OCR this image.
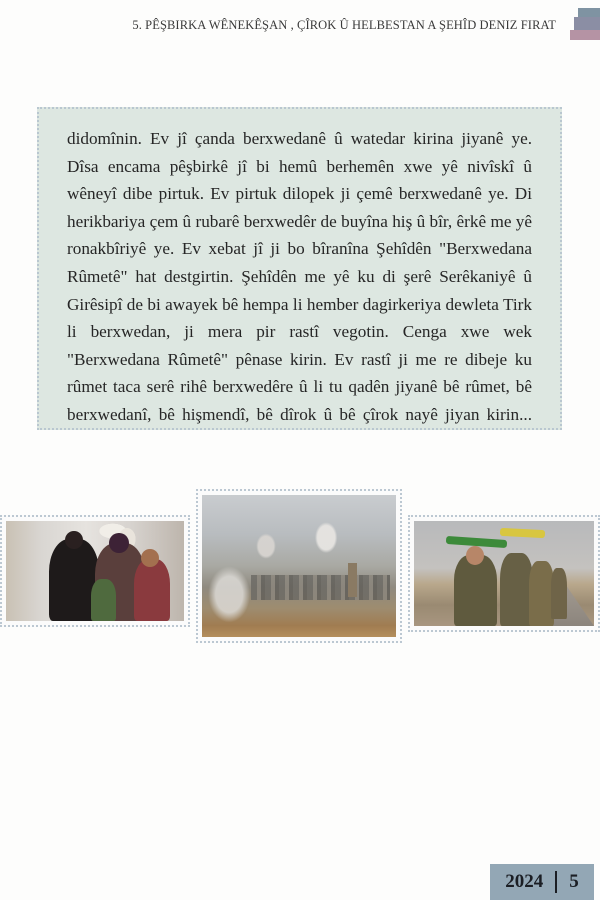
5. PÊŞBIRKA WÊNEKÊŞAN , ÇÎROK Û HELBESTAN A ŞEHÎD DENIZ FIRAT

didomînin. Ev jî çanda berxwedanê û watedar kirina jiyanê ye. Dîsa encama pêşbirkê jî bi hemû berhemên xwe yê nivîskî û wêneyî dibe pirtuk. Ev pirtuk dilopek ji çemê berxwedanê ye. Di herikbariya çem û rubarê berxwedêr de buyîna hiş û bîr, êrkê me yê ronakbîriyê ye. Ev xebat jî ji bo bîranîna Şehîdên "Berxwedana Rûmetê" hat destgirtin. Şehîdên me yê ku di şerê Serêkaniyê û Girêsipî de bi awayek bê hempa li hember dagirkeriya dewleta Tirk li berxwedan, ji mera pir rastî vegotin. Cenga xwe wek "Berxwedana Rûmetê" pênase kirin. Ev rastî ji me re dibeje ku rûmet taca serê rihê berxwedêre û li tu qadên jiyanê bê rûmet, bê berxwedanî, bê hişmendî, bê dîrok û bê çîrok nayê jiyan kirin...

2024 5
